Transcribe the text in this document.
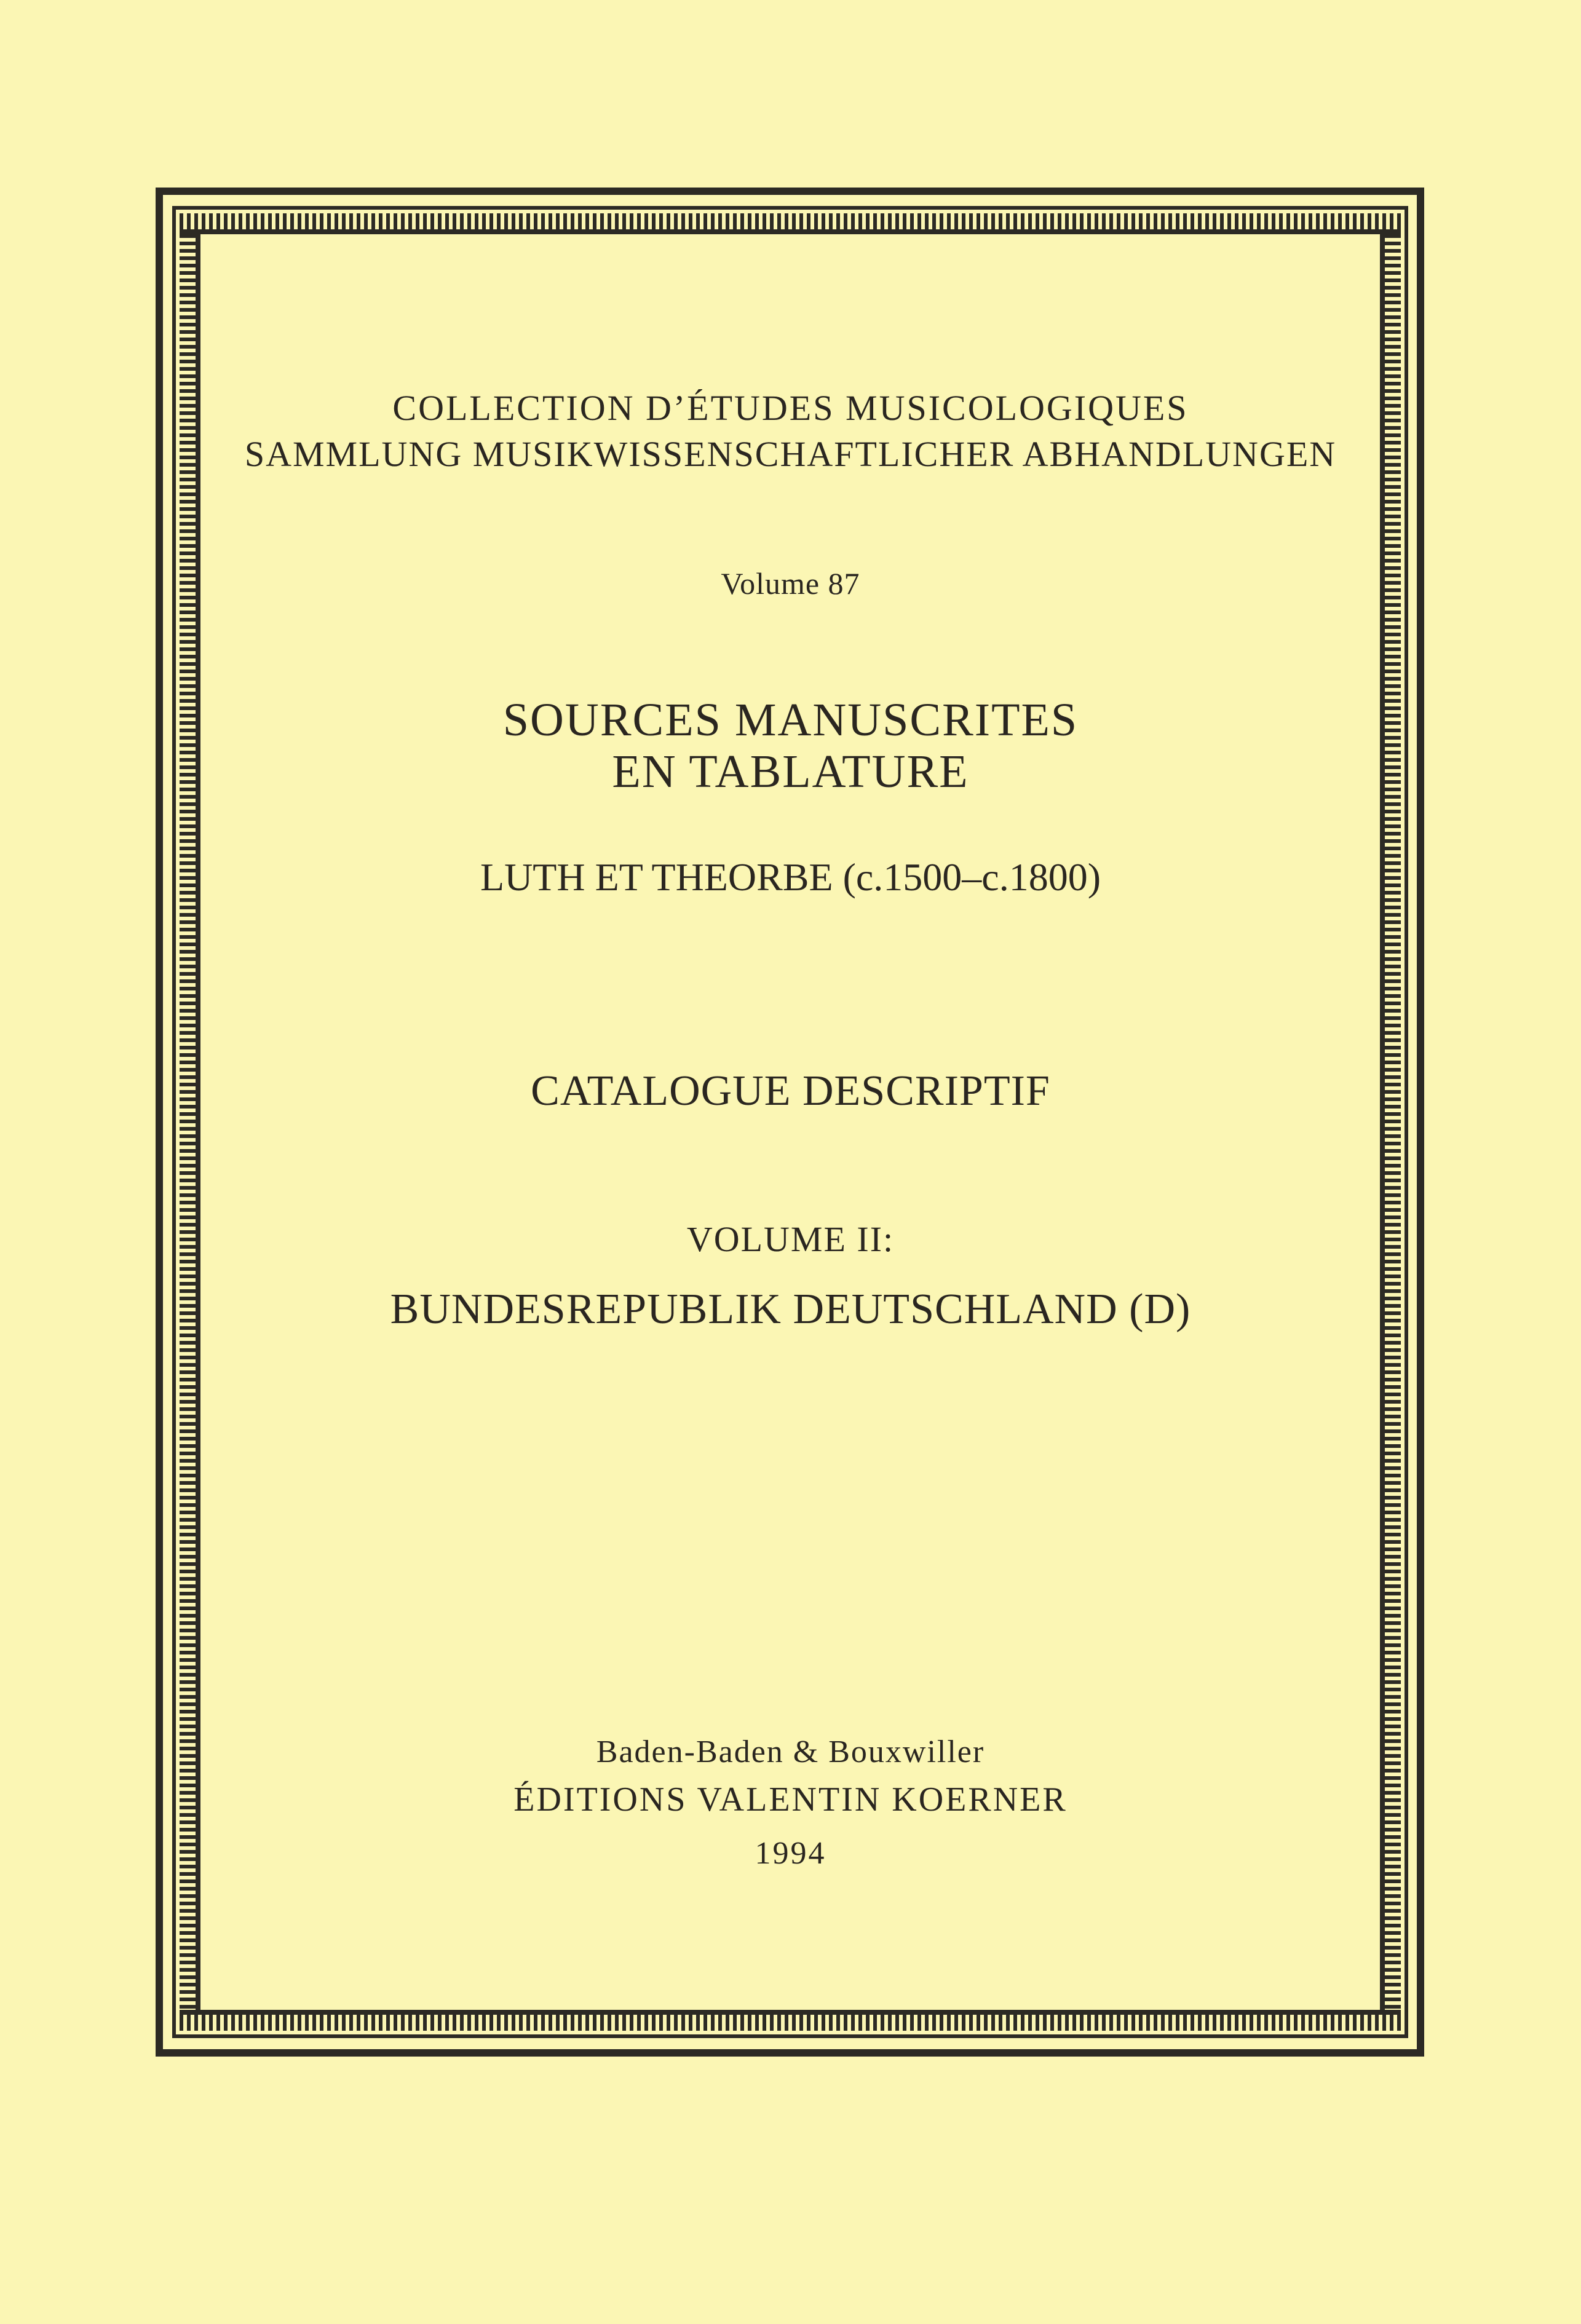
COLLECTION D’ÉTUDES MUSICOLOGIQUES
SAMMLUNG MUSIKWISSENSCHAFTLICHER ABHANDLUNGEN
Volume 87
SOURCES MANUSCRITES
EN TABLATURE
LUTH ET THEORBE (c.1500–c.1800)
CATALOGUE DESCRIPTIF
VOLUME II:
BUNDESREPUBLIK DEUTSCHLAND (D)
Baden-Baden & Bouxwiller
ÉDITIONS VALENTIN KOERNER
1994
